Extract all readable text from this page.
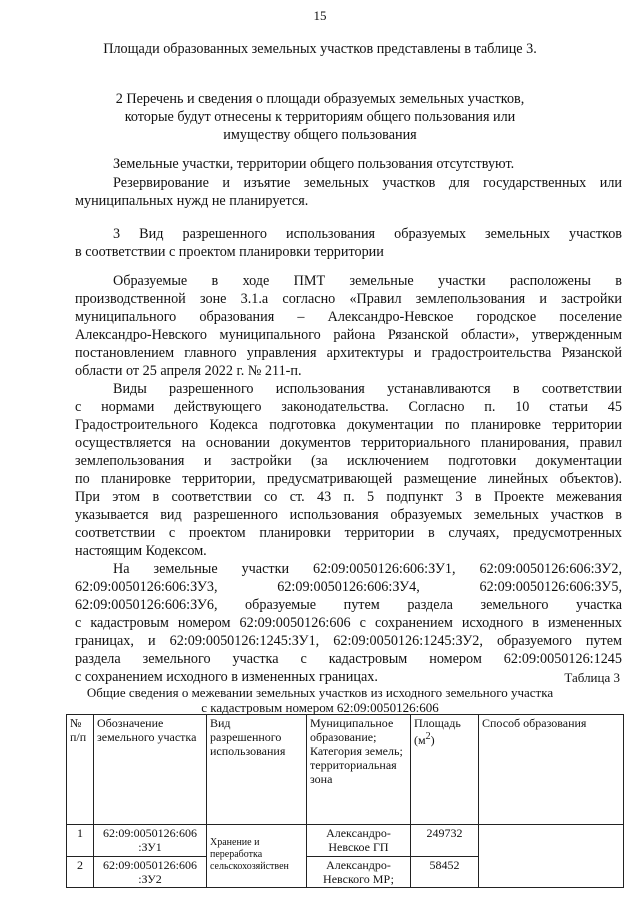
15
Площади образованных земельных участков представлены в таблице 3.
2 Перечень и сведения о площади образуемых земельных участков,
которые будут отнесены к территориям общего пользования или
имуществу общего пользования
Земельные участки, территории общего пользования отсутствуют.
Резервирование и изъятие земельных участков для государственных или
муниципальных нужд не планируется.
3 Вид разрешенного использования образуемых земельных участков
в соответствии с проектом планировки территории
Образуемые в ходе ПМТ земельные участки расположены в
производственной зоне 3.1.а согласно «Правил землепользования и застройки
муниципального образования – Александро-Невское городское поселение
Александро-Невского муниципального района Рязанской области», утвержденным
постановлением главного управления архитектуры и градостроительства Рязанской
области от 25 апреля 2022 г. № 211-п.
Виды разрешенного использования устанавливаются в соответствии
с нормами действующего законодательства. Согласно п. 10 статьи 45
Градостроительного Кодекса подготовка документации по планировке территории
осуществляется на основании документов территориального планирования, правил
землепользования и застройки (за исключением подготовки документации
по планировке территории, предусматривающей размещение линейных объектов).
При этом в соответствии со ст. 43 п. 5 подпункт 3 в Проекте межевания
указывается вид разрешенного использования образуемых земельных участков в
соответствии с проектом планировки территории в случаях, предусмотренных
настоящим Кодексом.
На земельные участки 62:09:0050126:606:ЗУ1, 62:09:0050126:606:ЗУ2,
62:09:0050126:606:ЗУ3, 62:09:0050126:606:ЗУ4, 62:09:0050126:606:ЗУ5,
62:09:0050126:606:ЗУ6, образуемые путем раздела земельного участка
с кадастровым номером 62:09:0050126:606 с сохранением исходного в измененных
границах, и 62:09:0050126:1245:ЗУ1, 62:09:0050126:1245:ЗУ2, образуемого путем
раздела земельного участка с кадастровым номером 62:09:0050126:1245
с сохранением исходного в измененных границах.	Таблица 3
Общие сведения о межевании земельных участков из исходного земельного участка
с кадастровым номером 62:09:0050126:606
№ п/п	Обозначение земельного участка	Вид разрешенного использования	Муниципальное образование; Категория земель; территориальная зона	Площадь $(м^2)$	Способ образования
1	62:09:0050126:606 :ЗУ1	Хранение и переработка сельскохозяйствен	Александро-Невское ГП	249732	
2	62:09:0050126:606 :ЗУ2		Александро-Невского МР;	58452	
